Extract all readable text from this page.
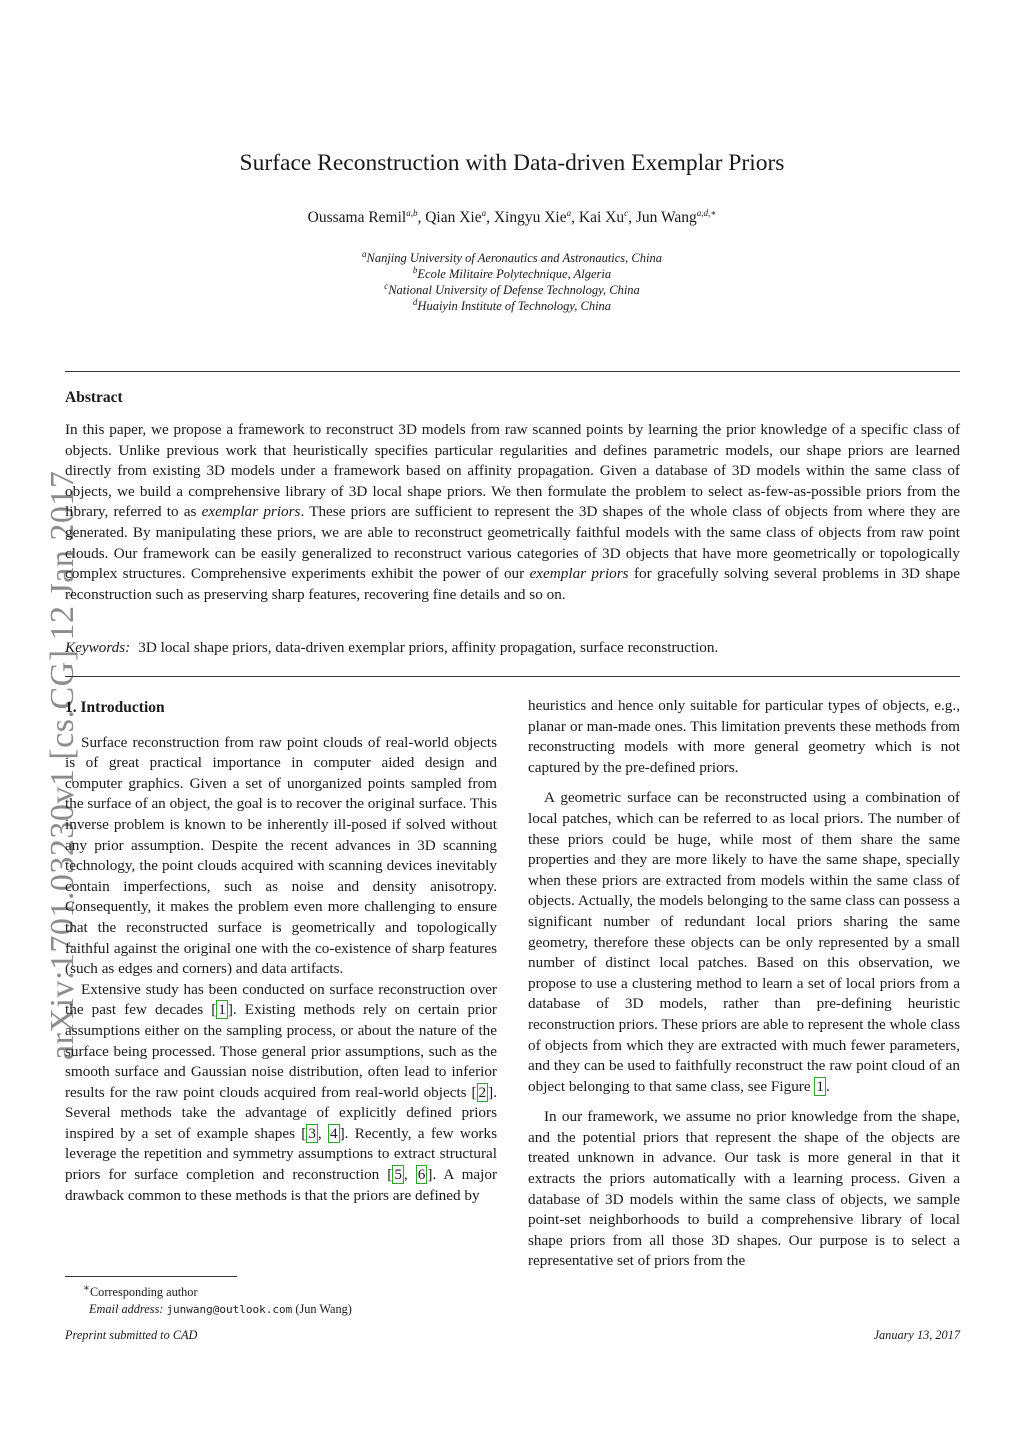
arXiv:1701.03230v1 [cs.CG] 12 Jan 2017
Surface Reconstruction with Data-driven Exemplar Priors
Oussama Remil$^{a,b}$, Qian Xie$^a$, Xingyu Xie$^a$, Kai Xu$^c$, Jun Wang$^{a,d,∗}$
$^a$Nanjing University of Aeronautics and Astronautics, China
$^b$Ecole Militaire Polytechnique, Algeria
$^c$National University of Defense Technology, China
$^d$Huaiyin Institute of Technology, China
Abstract
In this paper, we propose a framework to reconstruct 3D models from raw scanned points by learning the prior knowledge of a specific class of objects. Unlike previous work that heuristically specifies particular regularities and defines parametric models, our shape priors are learned directly from existing 3D models under a framework based on affinity propagation. Given a database of 3D models within the same class of objects, we build a comprehensive library of 3D local shape priors. We then formulate the problem to select as-few-as-possible priors from the library, referred to as exemplar priors. These priors are sufficient to represent the 3D shapes of the whole class of objects from where they are generated. By manipulating these priors, we are able to reconstruct geometrically faithful models with the same class of objects from raw point clouds. Our framework can be easily generalized to reconstruct various categories of 3D objects that have more geometrically or topologically complex structures. Comprehensive experiments exhibit the power of our exemplar priors for gracefully solving several problems in 3D shape reconstruction such as preserving sharp features, recovering fine details and so on.
Keywords: 3D local shape priors, data-driven exemplar priors, affinity propagation, surface reconstruction.
1. Introduction

Surface reconstruction from raw point clouds of real-world objects is of great practical importance in computer aided design and computer graphics. Given a set of unorganized points sampled from the surface of an object, the goal is to recover the original surface. This inverse problem is known to be inherently ill-posed if solved without any prior assumption. Despite the recent advances in 3D scanning technology, the point clouds acquired with scanning devices inevitably contain imperfections, such as noise and density anisotropy. Consequently, it makes the problem even more challenging to ensure that the reconstructed surface is geometrically and topologically faithful against the original one with the co-existence of sharp features (such as edges and corners) and data artifacts.

Extensive study has been conducted on surface reconstruction over the past few decades [ 1 ]. Existing methods rely on certain prior assumptions either on the sampling process, or about the nature of the surface being processed. Those general prior assumptions, such as the smooth surface and Gaussian noise distribution, often lead to inferior results for the raw point clouds acquired from real-world objects [ 2 ]. Several methods take the advantage of explicitly defined priors inspired by a set of example shapes [ 3 , 4 ]. Recently, a few works leverage the repetition and symmetry assumptions to extract structural priors for surface completion and reconstruction [ 5 , 6 ]. A major drawback common to these methods is that the priors are defined by

heuristics and hence only suitable for particular types of objects, e.g., planar or man-made ones. This limitation prevents these methods from reconstructing models with more general geometry which is not captured by the pre-defined priors.

A geometric surface can be reconstructed using a combination of local patches, which can be referred to as local priors. The number of these priors could be huge, while most of them share the same properties and they are more likely to have the same shape, specially when these priors are extracted from models within the same class of objects. Actually, the models belonging to the same class can possess a significant number of redundant local priors sharing the same geometry, therefore these objects can be only represented by a small number of distinct local patches. Based on this observation, we propose to use a clustering method to learn a set of local priors from a database of 3D models, rather than pre-defining heuristic reconstruction priors. These priors are able to represent the whole class of objects from which they are extracted with much fewer parameters, and they can be used to faithfully reconstruct the raw point cloud of an object belonging to that same class, see Figure 1 .

In our framework, we assume no prior knowledge from the shape, and the potential priors that represent the shape of the objects are treated unknown in advance. Our task is more general in that it extracts the priors automatically with a learning process. Given a database of 3D models within the same class of objects, we sample point-set neighborhoods to build a comprehensive library of local shape priors from all those 3D shapes. Our purpose is to select a representative set of priors from the

∗Corresponding author
Email address: junwang@outlook.com (Jun Wang)
Preprint submitted to CAD	January 13, 2017
